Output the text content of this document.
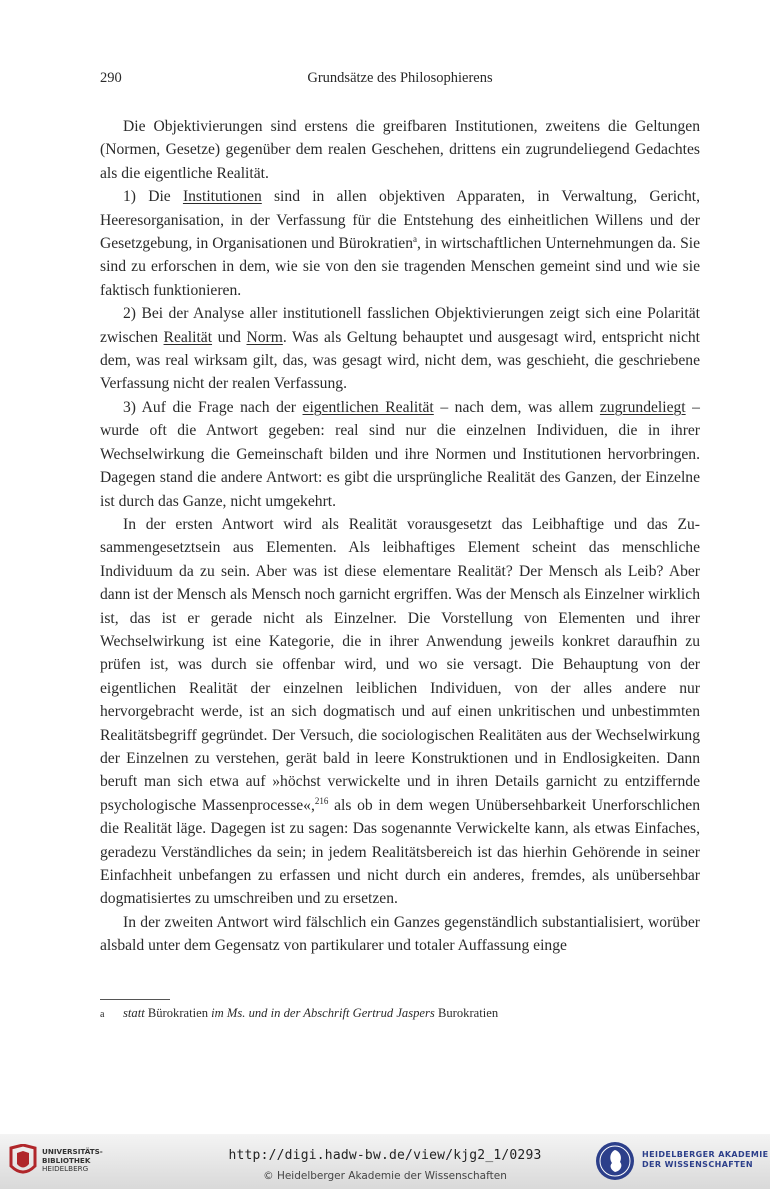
290	Grundsätze des Philosophierens

Die Objektivierungen sind erstens die greifbaren Institutionen, zweitens die Geltungen (Normen, Gesetze) gegenüber dem realen Geschehen, drittens ein zugrundeliegend Gedachtes als die eigentliche Realität.

1) Die Institutionen sind in allen objektiven Apparaten, in Verwaltung, Gericht, Heeresorganisation, in der Verfassung für die Entstehung des einheitlichen Willens und der Gesetzgebung, in Organisationen und Bürokratien$^a$, in wirtschaftlichen Unternehmungen da. Sie sind zu erforschen in dem, wie sie von den sie tragenden Menschen gemeint sind und wie sie faktisch funktionieren.

2) Bei der Analyse aller institutionell fasslichen Objektivierungen zeigt sich eine Polarität zwischen Realität und Norm. Was als Geltung behauptet und ausgesagt wird, entspricht nicht dem, was real wirksam gilt, das, was gesagt wird, nicht dem, was geschieht, die geschriebene Verfassung nicht der realen Verfassung.

3) Auf die Frage nach der eigentlichen Realität – nach dem, was allem zugrundeliegt – wurde oft die Antwort gegeben: real sind nur die einzelnen Individuen, die in ihrer Wechselwirkung die Gemeinschaft bilden und ihre Normen und Institutionen hervorbringen. Dagegen stand die andere Antwort: es gibt die ursprüngliche Realität des Ganzen, der Einzelne ist durch das Ganze, nicht umgekehrt.

In der ersten Antwort wird als Realität vorausgesetzt das Leibhaftige und das Zusammengesetztsein aus Elementen. Als leibhaftiges Element scheint das menschliche Individuum da zu sein. Aber was ist diese elementare Realität? Der Mensch als Leib? Aber dann ist der Mensch als Mensch noch garnicht ergriffen. Was der Mensch als Einzelner wirklich ist, das ist er gerade nicht als Einzelner. Die Vorstellung von Elementen und ihrer Wechselwirkung ist eine Kategorie, die in ihrer Anwendung jeweils konkret daraufhin zu prüfen ist, was durch sie offenbar wird, und wo sie versagt. Die Behauptung von der eigentlichen Realität der einzelnen leiblichen Individuen, von der alles andere nur hervorgebracht werde, ist an sich dogmatisch und auf einen unkritischen und unbestimmten Realitätsbegriff gegründet. Der Versuch, die sociologischen Realitäten aus der Wechselwirkung der Einzelnen zu verstehen, gerät bald in leere Konstruktionen und in Endlosigkeiten. Dann beruft man sich etwa auf »höchst verwickelte und in ihren Details garnicht zu entziffernde psychologische Massenprocesse«,$^{216}$ als ob in dem wegen Unübersehbarkeit Unerforschlichen die Realität läge. Dagegen ist zu sagen: Das sogenannte Verwickelte kann, als etwas Einfaches, geradezu Verständliches da sein; in jedem Realitätsbereich ist das hierhin Gehörende in seiner Einfachheit unbefangen zu erfassen und nicht durch ein anderes, fremdes, als unübersehbar dogmatisiertes zu umschreiben und zu ersetzen.

In der zweiten Antwort wird fälschlich ein Ganzes gegenständlich substantialisiert, worüber alsbald unter dem Gegensatz von partikularer und totaler Auffassung einge

a statt Bürokratien im Ms. und in der Abschrift Gertrud Jaspers Burokratien
UNIVERSITÄTS-
BIBLIOTHEK
HEIDELBERG
http://digi.hadw-bw.de/view/kjg2_1/0293
© Heidelberger Akademie der Wissenschaften
HEIDELBERGER AKADEMIE
DER WISSENSCHAFTEN
